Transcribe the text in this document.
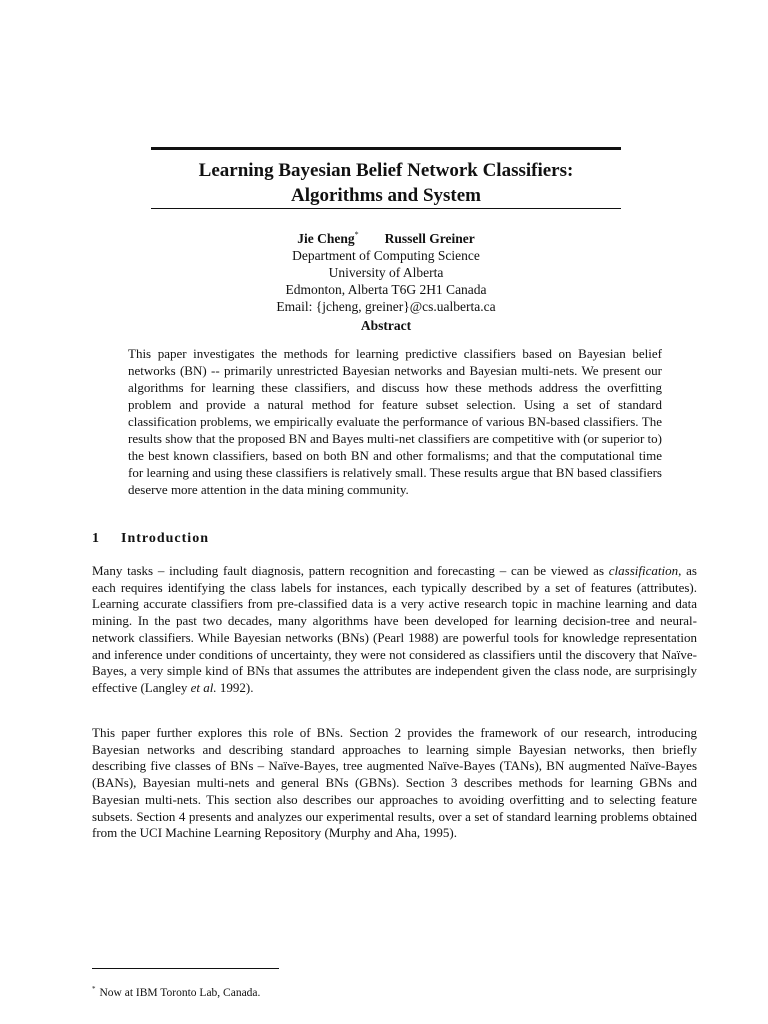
Learning Bayesian Belief Network Classifiers:
Algorithms and System
Jie Cheng* Russell Greiner
Department of Computing Science
University of Alberta
Edmonton, Alberta T6G 2H1 Canada
Email: {jcheng, greiner}@cs.ualberta.ca
Abstract

This paper investigates the methods for learning predictive classifiers based on Bayesian belief networks (BN) -- primarily unrestricted Bayesian networks and Bayesian multi-nets. We present our algorithms for learning these classifiers, and discuss how these methods address the overfitting problem and provide a natural method for feature subset selection. Using a set of standard classification problems, we empirically evaluate the performance of various BN-based classifiers. The results show that the proposed BN and Bayes multi-net classifiers are competitive with (or superior to) the best known classifiers, based on both BN and other formalisms; and that the computational time for learning and using these classifiers is relatively small. These results argue that BN based classifiers deserve more attention in the data mining community.

1 Introduction

Many tasks – including fault diagnosis, pattern recognition and forecasting – can be viewed as classification, as each requires identifying the class labels for instances, each typically described by a set of features (attributes). Learning accurate classifiers from pre-classified data is a very active research topic in machine learning and data mining. In the past two decades, many algorithms have been developed for learning decision-tree and neural-network classifiers. While Bayesian networks (BNs) (Pearl 1988) are powerful tools for knowledge representation and inference under conditions of uncertainty, they were not considered as classifiers until the discovery that Naïve-Bayes, a very simple kind of BNs that assumes the attributes are independent given the class node, are surprisingly effective (Langley et al. 1992).

This paper further explores this role of BNs. Section 2 provides the framework of our research, introducing Bayesian networks and describing standard approaches to learning simple Bayesian networks, then briefly describing five classes of BNs – Naïve-Bayes, tree augmented Naïve-Bayes (TANs), BN augmented Naïve-Bayes (BANs), Bayesian multi-nets and general BNs (GBNs). Section 3 describes methods for learning GBNs and Bayesian multi-nets. This section also describes our approaches to avoiding overfitting and to selecting feature subsets. Section 4 presents and analyzes our experimental results, over a set of standard learning problems obtained from the UCI Machine Learning Repository (Murphy and Aha, 1995).

* Now at IBM Toronto Lab, Canada.
